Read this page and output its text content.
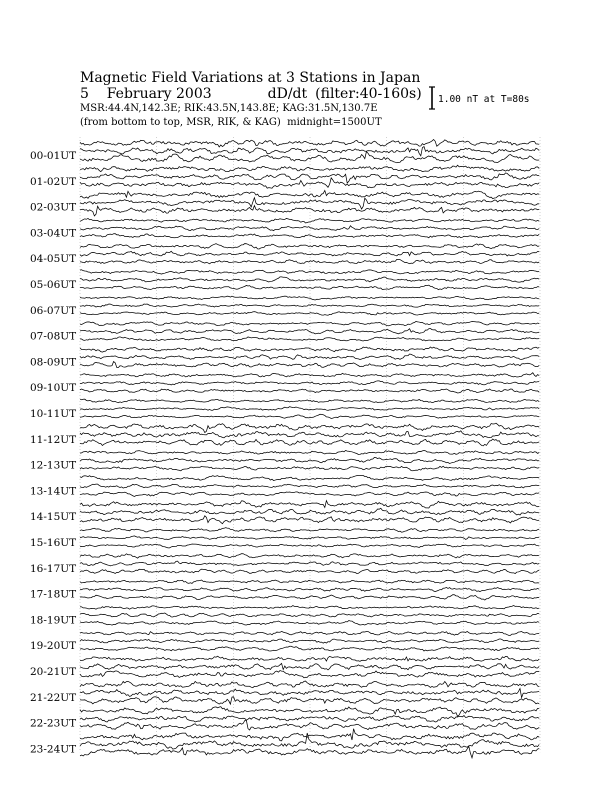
Magnetic Field Variations at 3 Stations in Japan
5    February 2003	dD/dt (filter:40-160s)
MSR:44.4N,142.3E; RIK:43.5N,143.8E; KAG:31.5N,130.7E
(from bottom to top, MSR, RIK, & KAG) midnight=1500UT
1.00 nT at T=80s
00-01UT
01-02UT
02-03UT
03-04UT
04-05UT
05-06UT
06-07UT
07-08UT
08-09UT
09-10UT
10-11UT
11-12UT
12-13UT
13-14UT
14-15UT
15-16UT
16-17UT
17-18UT
18-19UT
19-20UT
20-21UT
21-22UT
22-23UT
23-24UT
